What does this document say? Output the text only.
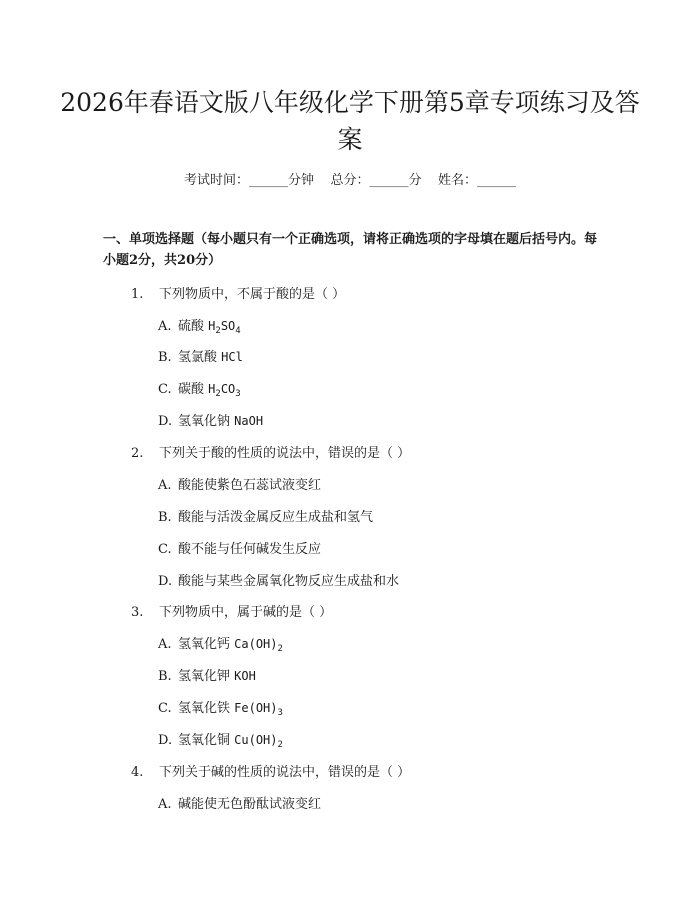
2026年春语文版八年级化学下册第5章专项练习及答案
考试时间：______分钟    总分：______分    姓名：______
一、单项选择题（每小题只有一个正确选项，请将正确选项的字母填在题后括号内。每小题2分，共20分）
1. 下列物质中，不属于酸的是（ ）
A. 硫酸 $H_2SO_4$
B. 氢氯酸 HCl
C. 碳酸 $H_2CO_3$
D. 氢氧化钠 NaOH
2. 下列关于酸的性质的说法中，错误的是（ ）
A. 酸能使紫色石蕊试液变红
B. 酸能与活泼金属反应生成盐和氢气
C. 酸不能与任何碱发生反应
D. 酸能与某些金属氧化物反应生成盐和水
3. 下列物质中，属于碱的是（ ）
A. 氢氧化钙 $Ca(OH)_2$
B. 氢氧化钾 KOH
C. 氢氧化铁 $Fe(OH)_3$
D. 氢氧化铜 $Cu(OH)_2$
4. 下列关于碱的性质的说法中，错误的是（ ）
A. 碱能使无色酚酞试液变红
